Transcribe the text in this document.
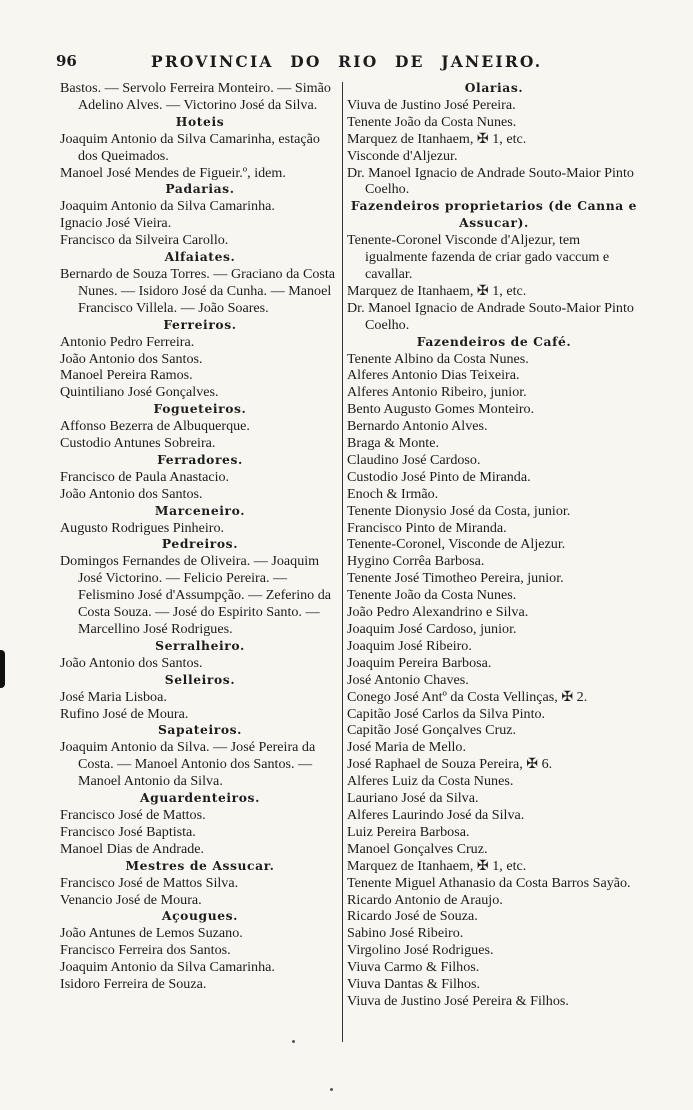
96	PROVINCIA DO RIO DE JANEIRO.
Bastos. — Servolo Ferreira Monteiro. — Simão Adelino Alves. — Victorino José da Silva.
Hoteis
Joaquim Antonio da Silva Camarinha, estação dos Queimados.
Manoel José Mendes de Figueir.º, idem.
Padarias.
Joaquim Antonio da Silva Camarinha.
Ignacio José Vieira.
Francisco da Silveira Carollo.
Alfaiates.
Bernardo de Souza Torres. — Graciano da Costa Nunes. — Isidoro José da Cunha. — Manoel Francisco Villela. — João Soares.
Ferreiros.
Antonio Pedro Ferreira.
João Antonio dos Santos.
Manoel Pereira Ramos.
Quintiliano José Gonçalves.
Fogueteiros.
Affonso Bezerra de Albuquerque.
Custodio Antunes Sobreira.
Ferradores.
Francisco de Paula Anastacio.
João Antonio dos Santos.
Marceneiro.
Augusto Rodrigues Pinheiro.
Pedreiros.
Domingos Fernandes de Oliveira. — Joaquim José Victorino. — Felicio Pereira. — Felismino José d'Assumpção. — Zeferino da Costa Souza. — José do Espirito Santo. — Marcellino José Rodrigues.
Serralheiro.
João Antonio dos Santos.
Selleiros.
José Maria Lisboa.
Rufino José de Moura.
Sapateiros.
Joaquim Antonio da Silva. — José Pereira da Costa. — Manoel Antonio dos Santos. — Manoel Antonio da Silva.
Aguardenteiros.
Francisco José de Mattos.
Francisco José Baptista.
Manoel Dias de Andrade.
Mestres de Assucar.
Francisco José de Mattos Silva.
Venancio José de Moura.
Açougues.
João Antunes de Lemos Suzano.
Francisco Ferreira dos Santos.
Joaquim Antonio da Silva Camarinha.
Isidoro Ferreira de Souza.
Olarias.
Viuva de Justino José Pereira.
Tenente João da Costa Nunes.
Marquez de Itanhaem, ✠ 1, etc.
Visconde d'Aljezur.
Dr. Manoel Ignacio de Andrade Souto-Maior Pinto Coelho.
Fazendeiros proprietarios (de Canna e Assucar).
Tenente-Coronel Visconde d'Aljezur, tem igualmente fazenda de criar gado vaccum e cavallar.
Marquez de Itanhaem, ✠ 1, etc.
Dr. Manoel Ignacio de Andrade Souto-Maior Pinto Coelho.
Fazendeiros de Café.
Tenente Albino da Costa Nunes.
Alferes Antonio Dias Teixeira.
Alferes Antonio Ribeiro, junior.
Bento Augusto Gomes Monteiro.
Bernardo Antonio Alves.
Braga & Monte.
Claudino José Cardoso.
Custodio José Pinto de Miranda.
Enoch & Irmão.
Tenente Dionysio José da Costa, junior.
Francisco Pinto de Miranda.
Tenente-Coronel, Visconde de Aljezur.
Hygino Corrêa Barbosa.
Tenente José Timotheo Pereira, junior.
Tenente João da Costa Nunes.
João Pedro Alexandrino e Silva.
Joaquim José Cardoso, junior.
Joaquim José Ribeiro.
Joaquim Pereira Barbosa.
José Antonio Chaves.
Conego José Antº da Costa Vellinças, ✠ 2.
Capitão José Carlos da Silva Pinto.
Capitão José Gonçalves Cruz.
José Maria de Mello.
José Raphael de Souza Pereira, ✠ 6.
Alferes Luiz da Costa Nunes.
Lauriano José da Silva.
Alferes Laurindo José da Silva.
Luiz Pereira Barbosa.
Manoel Gonçalves Cruz.
Marquez de Itanhaem, ✠ 1, etc.
Tenente Miguel Athanasio da Costa Barros Sayão.
Ricardo Antonio de Araujo.
Ricardo José de Souza.
Sabino José Ribeiro.
Virgolino José Rodrigues.
Viuva Carmo & Filhos.
Viuva Dantas & Filhos.
Viuva de Justino José Pereira & Filhos.
